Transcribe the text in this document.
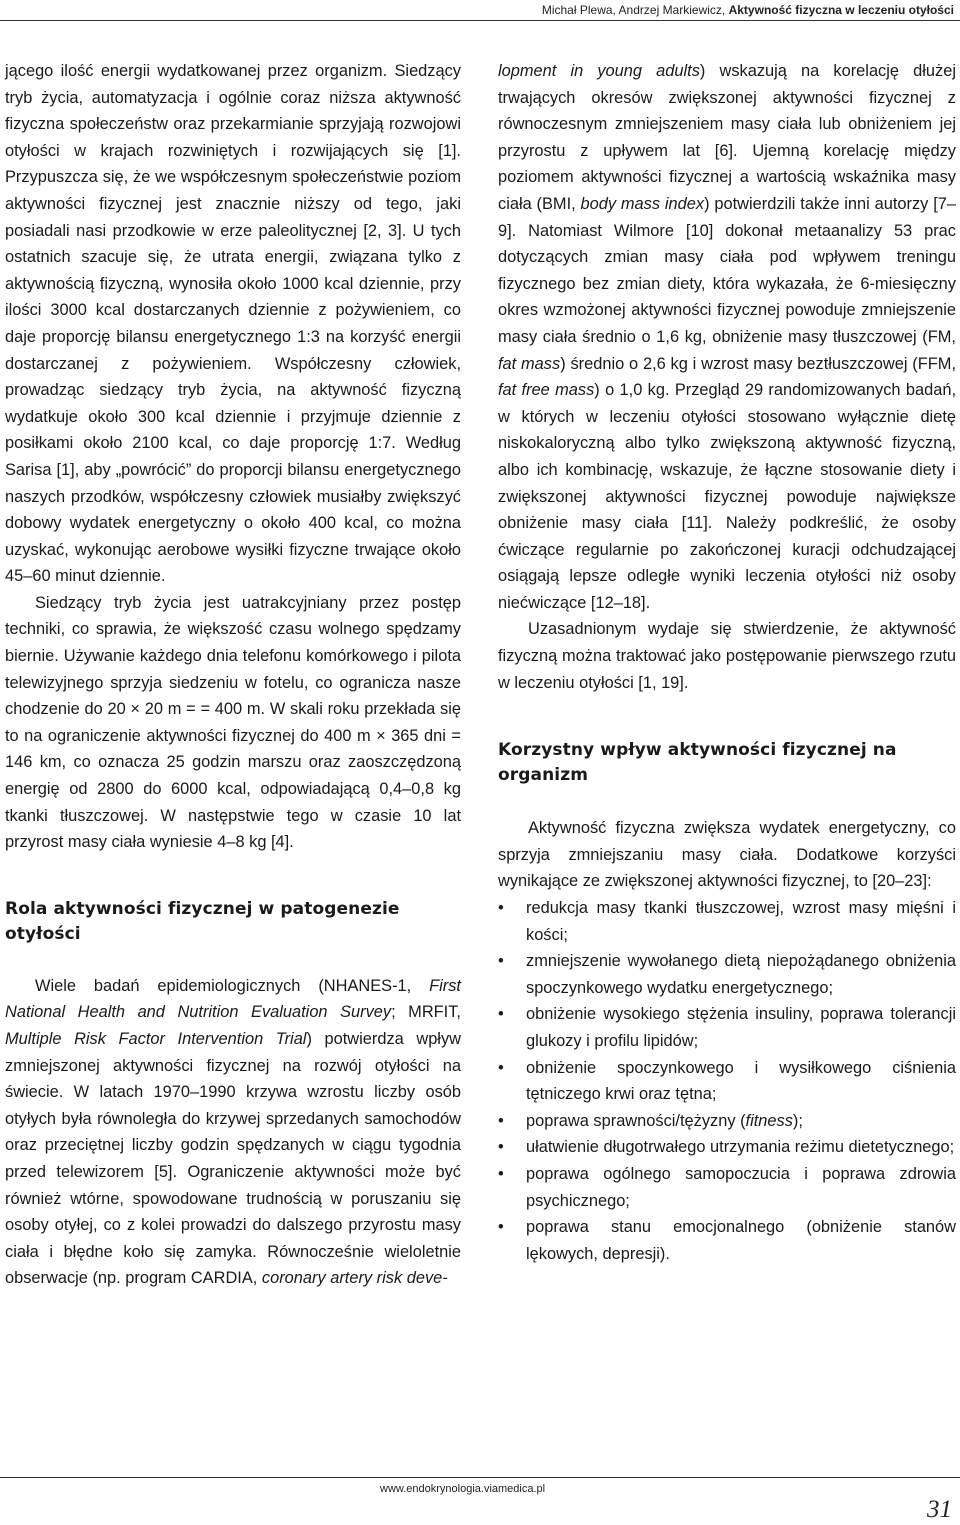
Michał Plewa, Andrzej Markiewicz, Aktywność fizyczna w leczeniu otyłości

jącego ilość energii wydatkowanej przez organizm. Siedzący tryb życia, automatyzacja i ogólnie coraz niższa aktywność fizyczna społeczeństw oraz przekarmianie sprzyjają rozwojowi otyłości w krajach rozwiniętych i rozwijających się [1]. Przypuszcza się, że we współczesnym społeczeństwie poziom aktywności fizycznej jest znacznie niższy od tego, jaki posiadali nasi przodkowie w erze paleolitycznej [2, 3]. U tych ostatnich szacuje się, że utrata energii, związana tylko z aktywnością fizyczną, wynosiła około 1000 kcal dziennie, przy ilości 3000 kcal dostarczanych dziennie z pożywieniem, co daje proporcję bilansu energetycznego 1:3 na korzyść energii dostarczanej z pożywieniem. Współczesny człowiek, prowadząc siedzący tryb życia, na aktywność fizyczną wydatkuje około 300 kcal dziennie i przyjmuje dziennie z posiłkami około 2100 kcal, co daje proporcję 1:7. Według Sarisa [1], aby „powrócić” do proporcji bilansu energetycznego naszych przodków, współczesny człowiek musiałby zwiększyć dobowy wydatek energetyczny o około 400 kcal, co można uzyskać, wykonując aerobowe wysiłki fizyczne trwające około 45–60 minut dziennie.

Siedzący tryb życia jest uatrakcyjniany przez postęp techniki, co sprawia, że większość czasu wolnego spędzamy biernie. Używanie każdego dnia telefonu komórkowego i pilota telewizyjnego sprzyja siedzeniu w fotelu, co ogranicza nasze chodzenie do 20 × 20 m = = 400 m. W skali roku przekłada się to na ograniczenie aktywności fizycznej do 400 m × 365 dni = 146 km, co oznacza 25 godzin marszu oraz zaoszczędzoną energię od 2800 do 6000 kcal, odpowiadającą 0,4–0,8 kg tkanki tłuszczowej. W następstwie tego w czasie 10 lat przyrost masy ciała wyniesie 4–8 kg [4].

Rola aktywności fizycznej w patogenezie otyłości

Wiele badań epidemiologicznych (NHANES-1, First National Health and Nutrition Evaluation Survey; MRFIT, Multiple Risk Factor Intervention Trial) potwierdza wpływ zmniejszonej aktywności fizycznej na rozwój otyłości na świecie. W latach 1970–1990 krzywa wzrostu liczby osób otyłych była równoległa do krzywej sprzedanych samochodów oraz przeciętnej liczby godzin spędzanych w ciągu tygodnia przed telewizorem [5]. Ograniczenie aktywności może być również wtórne, spowodowane trudnością w poruszaniu się osoby otyłej, co z kolei prowadzi do dalszego przyrostu masy ciała i błędne koło się zamyka. Równocześnie wieloletnie obserwacje (np. program CARDIA, coronary artery risk deve-

lopment in young adults) wskazują na korelację dłużej trwających okresów zwiększonej aktywności fizycznej z równoczesnym zmniejszeniem masy ciała lub obniżeniem jej przyrostu z upływem lat [6]. Ujemną korelację między poziomem aktywności fizycznej a wartością wskaźnika masy ciała (BMI, body mass index) potwierdzili także inni autorzy [7–9]. Natomiast Wilmore [10] dokonał metaanalizy 53 prac dotyczących zmian masy ciała pod wpływem treningu fizycznego bez zmian diety, która wykazała, że 6-miesięczny okres wzmożonej aktywności fizycznej powoduje zmniejszenie masy ciała średnio o 1,6 kg, obniżenie masy tłuszczowej (FM, fat mass) średnio o 2,6 kg i wzrost masy beztłuszczowej (FFM, fat free mass) o 1,0 kg. Przegląd 29 randomizowanych badań, w których w leczeniu otyłości stosowano wyłącznie dietę niskokaloryczną albo tylko zwiększoną aktywność fizyczną, albo ich kombinację, wskazuje, że łączne stosowanie diety i zwiększonej aktywności fizycznej powoduje największe obniżenie masy ciała [11]. Należy podkreślić, że osoby ćwiczące regularnie po zakończonej kuracji odchudzającej osiągają lepsze odległe wyniki leczenia otyłości niż osoby niećwiczące [12–18].

Uzasadnionym wydaje się stwierdzenie, że aktywność fizyczną można traktować jako postępowanie pierwszego rzutu w leczeniu otyłości [1, 19].

Korzystny wpływ aktywności fizycznej na organizm

Aktywność fizyczna zwiększa wydatek energetyczny, co sprzyja zmniejszaniu masy ciała. Dodatkowe korzyści wynikające ze zwiększonej aktywności fizycznej, to [20–23]:

• redukcja masy tkanki tłuszczowej, wzrost masy mięśni i kości;
• zmniejszenie wywołanego dietą niepożądanego obniżenia spoczynkowego wydatku energetycznego;
• obniżenie wysokiego stężenia insuliny, poprawa tolerancji glukozy i profilu lipidów;
• obniżenie spoczynkowego i wysiłkowego ciśnienia tętniczego krwi oraz tętna;
• poprawa sprawności/tężyzny (fitness);
• ułatwienie długotrwałego utrzymania reżimu dietetycznego;
• poprawa ogólnego samopoczucia i poprawa zdrowia psychicznego;
• poprawa stanu emocjonalnego (obniżenie stanów lękowych, depresji).
www.endokrynologia.viamedica.pl
31
